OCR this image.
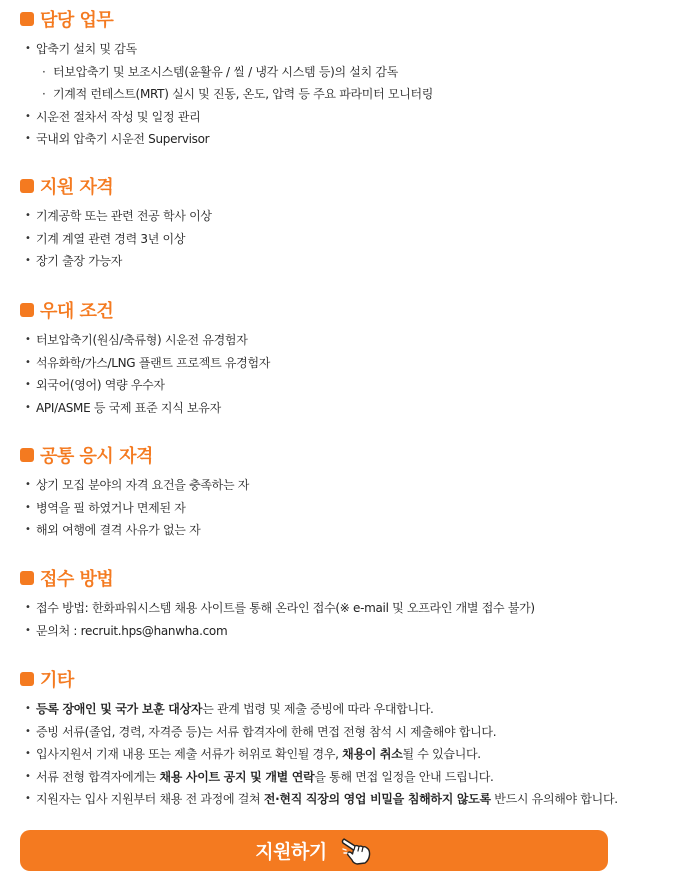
담당 업무
• 압축기 설치 및 감독
· 터보압축기 및 보조시스템(윤활유 / 씰 / 냉각 시스템 등)의 설치 감독
· 기계적 런테스트(MRT) 실시 및 진동, 온도, 압력 등 주요 파라미터 모니터링
• 시운전 절차서 작성 및 일정 관리
• 국내외 압축기 시운전 Supervisor
지원 자격
• 기계공학 또는 관련 전공 학사 이상
• 기계 계열 관련 경력 3년 이상
• 장기 출장 가능자
우대 조건
• 터보압축기(원심/축류형) 시운전 유경험자
• 석유화학/가스/LNG 플랜트 프로젝트 유경험자
• 외국어(영어) 역량 우수자
• API/ASME 등 국제 표준 지식 보유자
공통 응시 자격
• 상기 모집 분야의 자격 요건을 충족하는 자
• 병역을 필 하였거나 면제된 자
• 해외 여행에 결격 사유가 없는 자
접수 방법
• 접수 방법: 한화파워시스템 채용 사이트를 통해 온라인 접수(※ e-mail 및 오프라인 개별 접수 불가)
• 문의처 : recruit.hps@hanwha.com
기타
• 등록 장애인 및 국가 보훈 대상자는 관계 법령 및 제출 증빙에 따라 우대합니다.
• 증빙 서류(졸업, 경력, 자격증 등)는 서류 합격자에 한해 면접 전형 참석 시 제출해야 합니다.
• 입사지원서 기재 내용 또는 제출 서류가 허위로 확인될 경우, 채용이 취소될 수 있습니다.
• 서류 전형 합격자에게는 채용 사이트 공지 및 개별 연락을 통해 면접 일정을 안내 드립니다.
• 지원자는 입사 지원부터 채용 전 과정에 걸쳐 전·현직 직장의 영업 비밀을 침해하지 않도록 반드시 유의해야 합니다.
지원하기
